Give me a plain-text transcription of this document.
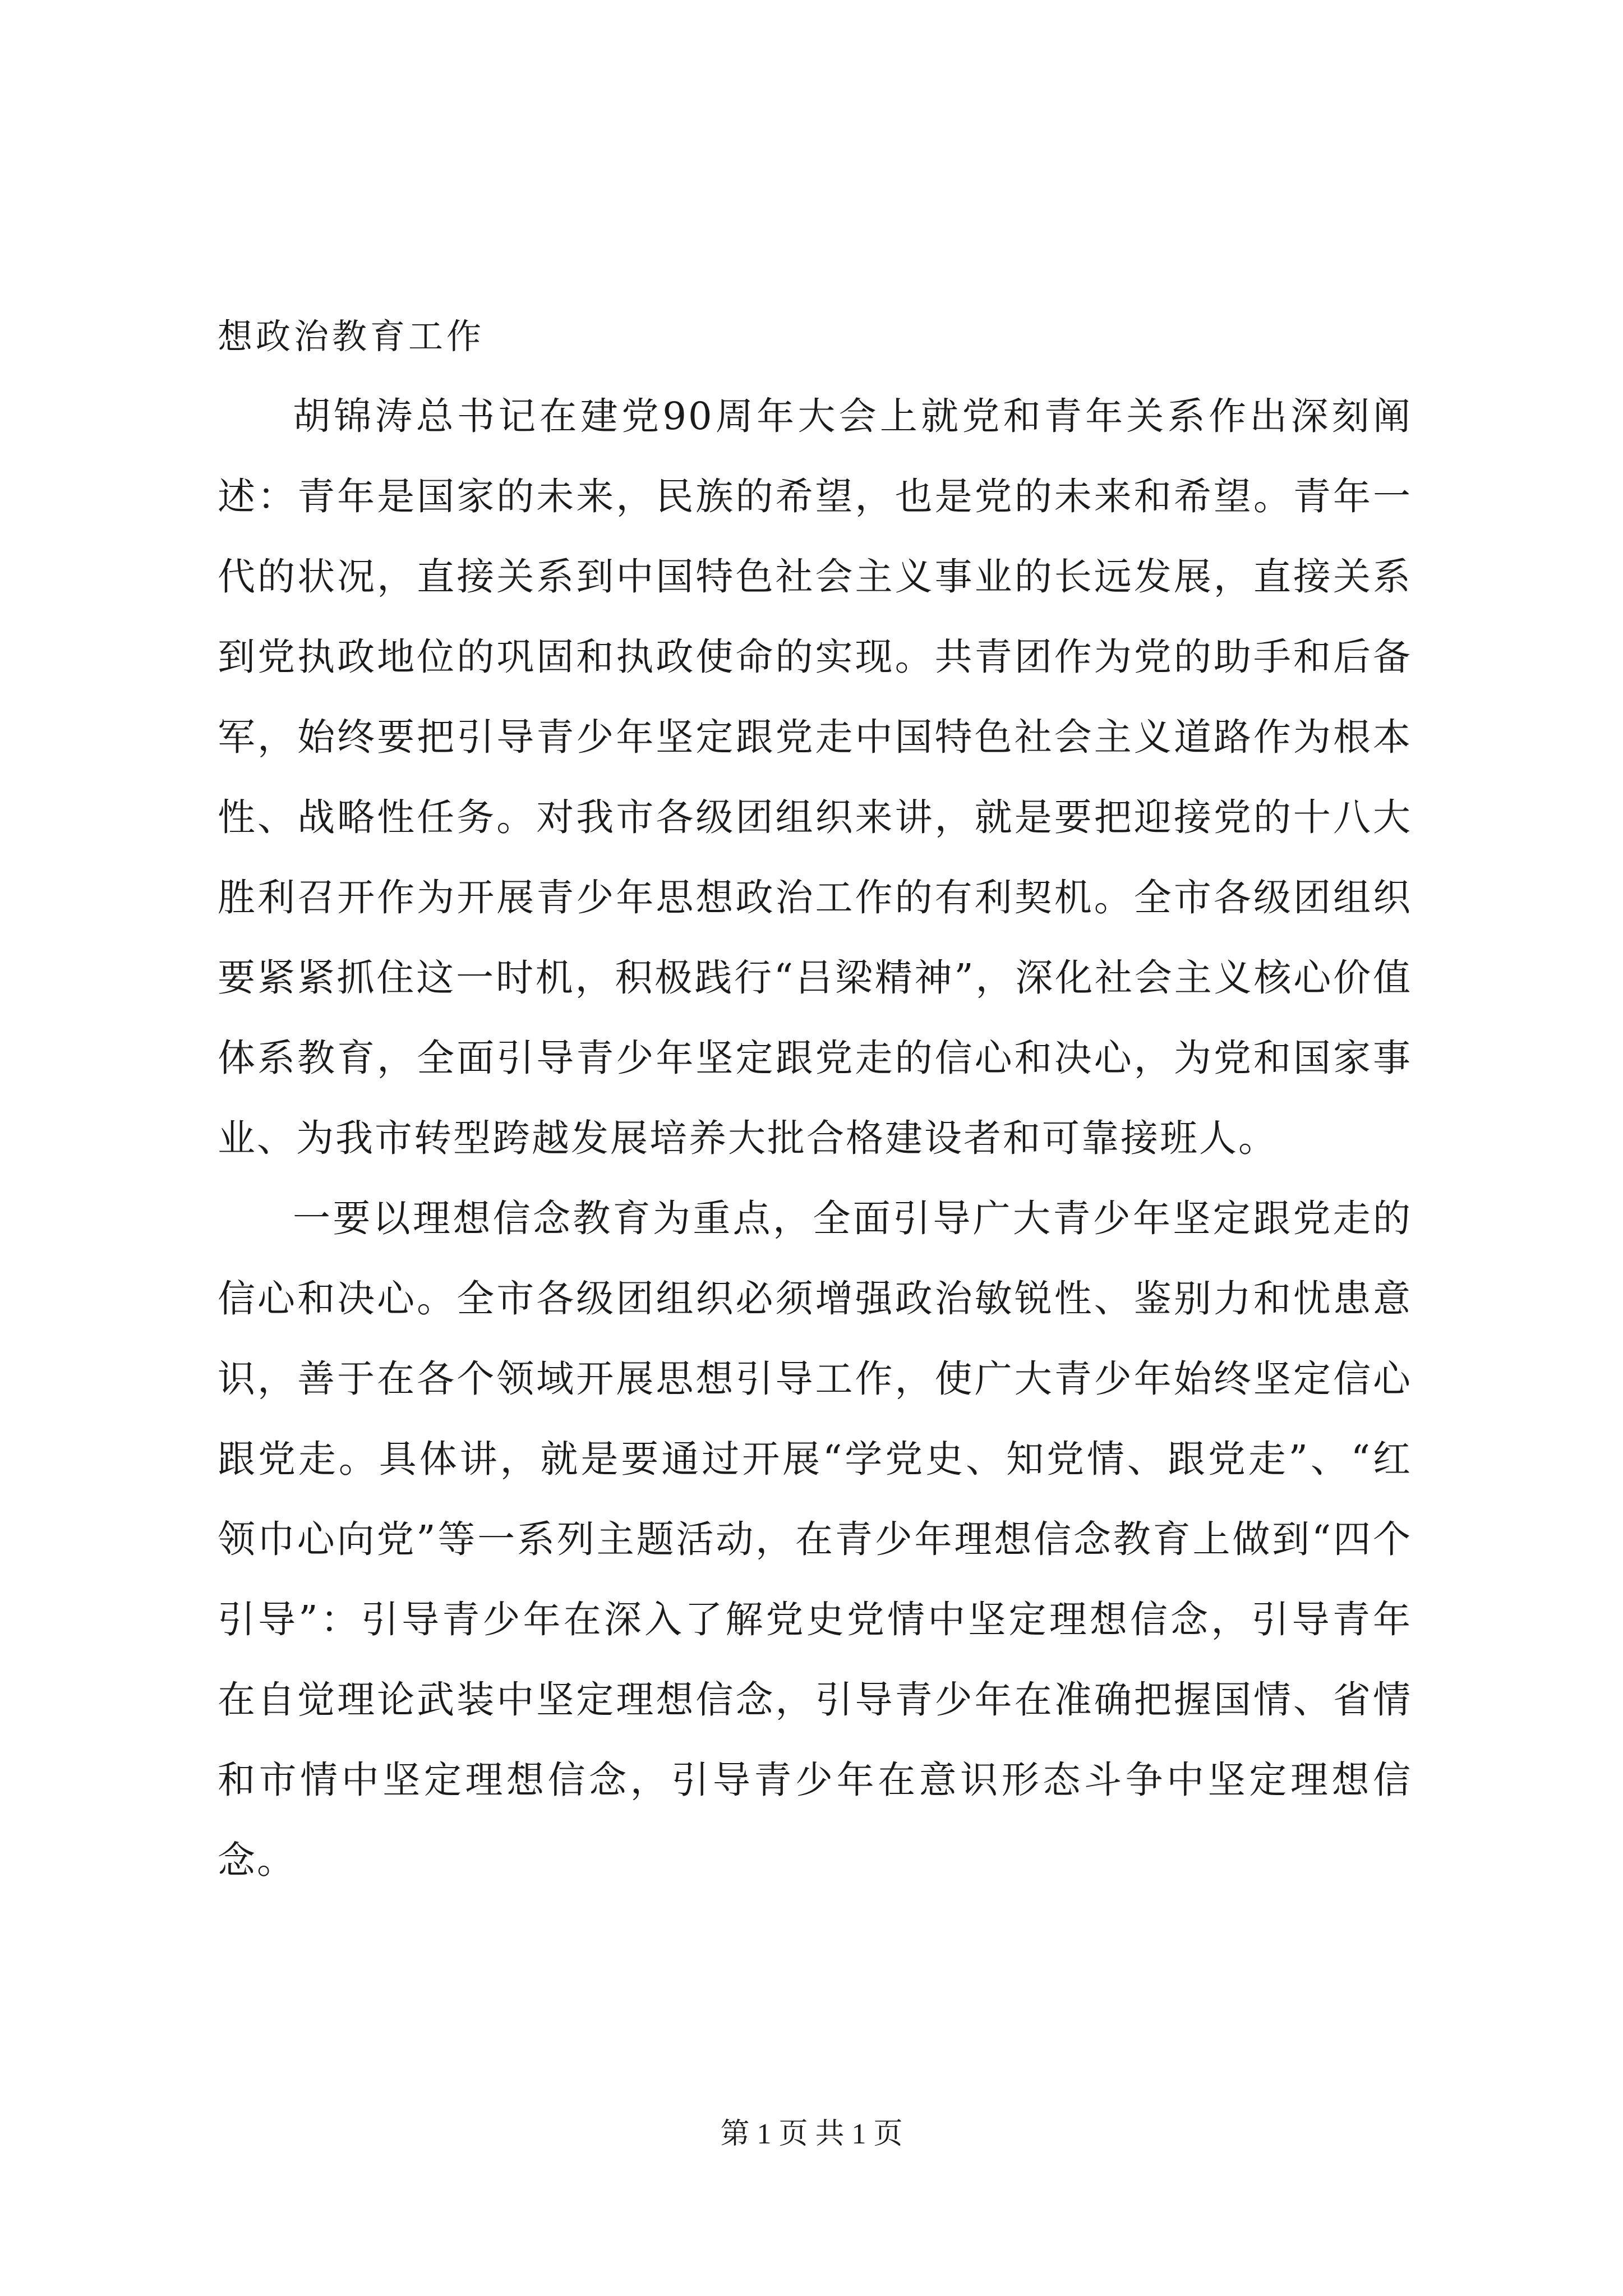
想政治教育工作

胡锦涛总书记在建党90周年大会上就党和青年关系作出深刻阐述：青年是国家的未来，民族的希望，也是党的未来和希望。青年一代的状况，直接关系到中国特色社会主义事业的长远发展，直接关系到党执政地位的巩固和执政使命的实现。共青团作为党的助手和后备军，始终要把引导青少年坚定跟党走中国特色社会主义道路作为根本性、战略性任务。对我市各级团组织来讲，就是要把迎接党的十八大胜利召开作为开展青少年思想政治工作的有利契机。全市各级团组织要紧紧抓住这一时机，积极践行“吕梁精神”，深化社会主义核心价值体系教育，全面引导青少年坚定跟党走的信心和决心，为党和国家事业、为我市转型跨越发展培养大批合格建设者和可靠接班人。

一要以理想信念教育为重点，全面引导广大青少年坚定跟党走的信心和决心。全市各级团组织必须增强政治敏锐性、鉴别力和忧患意识，善于在各个领域开展思想引导工作，使广大青少年始终坚定信心跟党走。具体讲，就是要通过开展“学党史、知党情、跟党走”、“红领巾心向党”等一系列主题活动，在青少年理想信念教育上做到“四个引导”：引导青少年在深入了解党史党情中坚定理想信念，引导青年在自觉理论武装中坚定理想信念，引导青少年在准确把握国情、省情和市情中坚定理想信念，引导青少年在意识形态斗争中坚定理想信念。

第 1 页 共 1 页
